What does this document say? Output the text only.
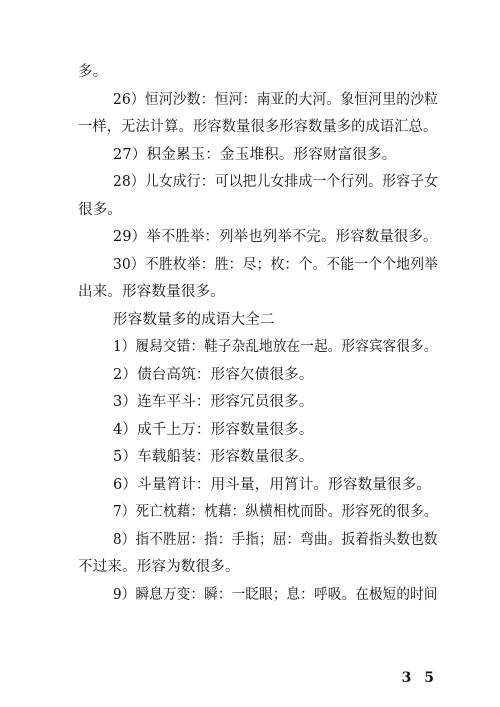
多。
26）恒河沙数：恒河：南亚的大河。象恒河里的沙粒
一样，无法计算。形容数量很多形容数量多的成语汇总。
27）积金累玉：金玉堆积。形容财富很多。
28）儿女成行：可以把儿女排成一个行列。形容子女
很多。
29）举不胜举：列举也列举不完。形容数量很多。
30）不胜枚举：胜：尽；枚：个。不能一个个地列举
出来。形容数量很多。
形容数量多的成语大全二
1）履舄交错：鞋子杂乱地放在一起。形容宾客很多。
2）债台高筑：形容欠债很多。
3）连车平斗：形容冗员很多。
4）成千上万：形容数量很多。
5）车载船装：形容数量很多。
6）斗量筲计：用斗量，用筲计。形容数量很多。
7）死亡枕藉：枕藉：纵横相枕而卧。形容死的很多。
8）指不胜屈：指：手指；屈：弯曲。扳着指头数也数
不过来。形容为数很多。
9）瞬息万变：瞬：一眨眼；息：呼吸。在极短的时间
3 5
